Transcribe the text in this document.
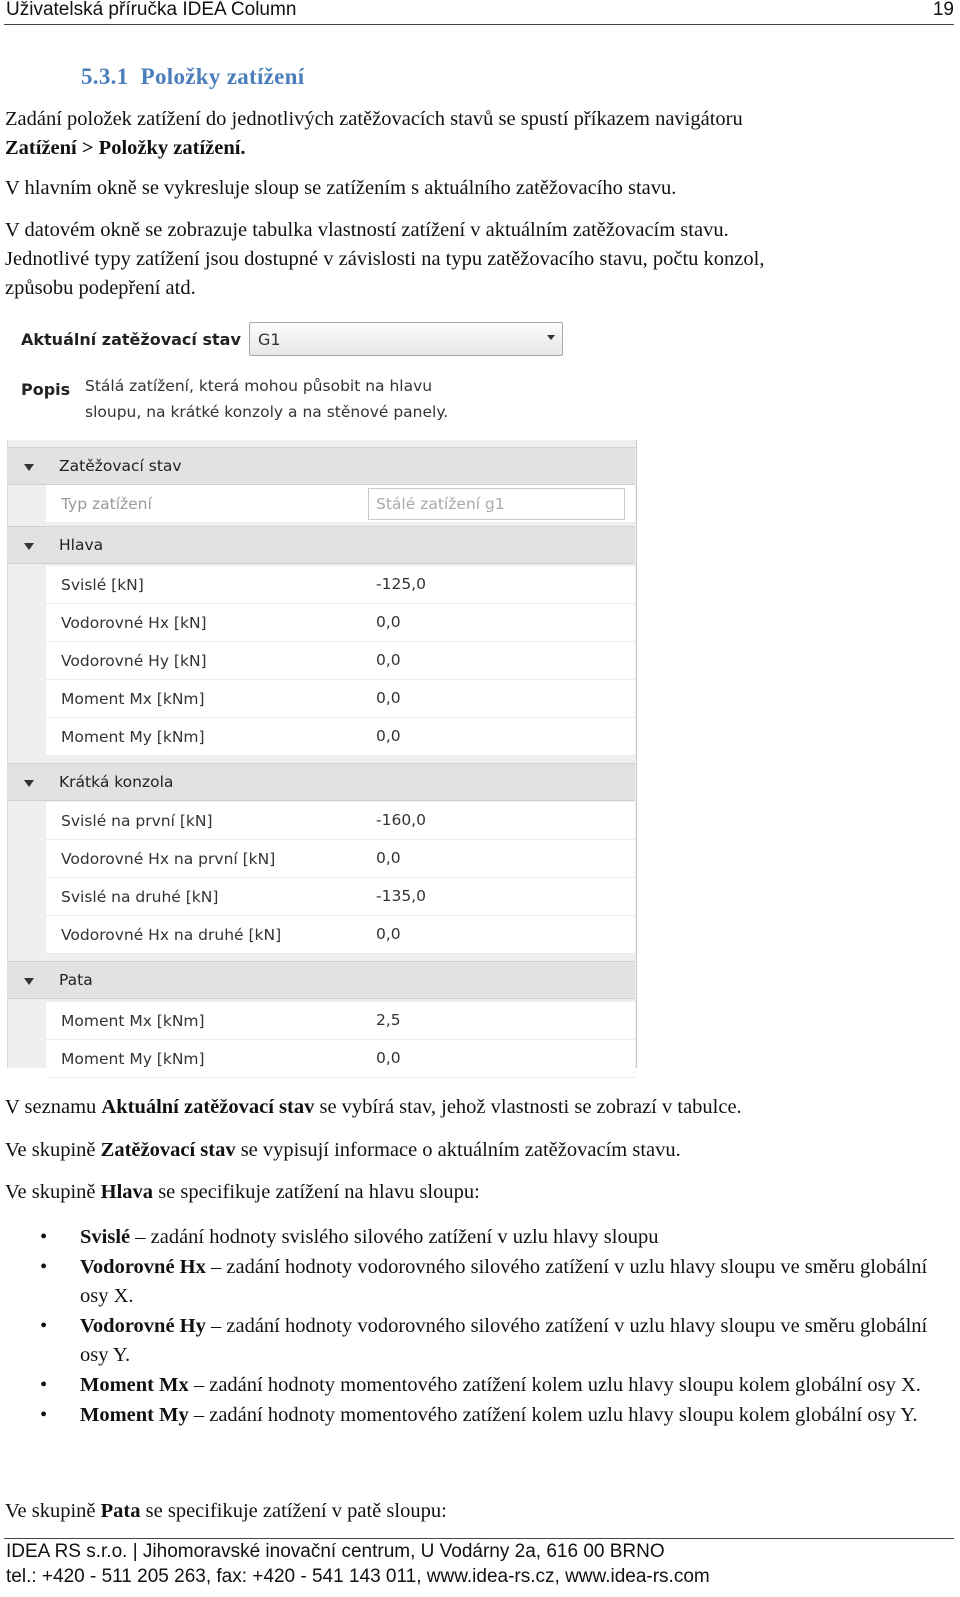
Uživatelská příručka IDEA Column	19
5.3.1 Položky zatížení
Zadání položek zatížení do jednotlivých zatěžovacích stavů se spustí příkazem navigátoru
Zatížení > Položky zatížení.
V hlavním okně se vykresluje sloup se zatížením s aktuálního zatěžovacího stavu.
V datovém okně se zobrazuje tabulka vlastností zatížení v aktuálním zatěžovacím stavu.
Jednotlivé typy zatížení jsou dostupné v závislosti na typu zatěžovacího stavu, počtu konzol,
způsobu podepření atd.
Aktuální zatěžovací stav G1
Popis Stálá zatížení, která mohou působit na hlavu
sloupu, na krátké konzoly a na stěnové panely.
Zatěžovací stav
Typ zatížení	Stálé zatížení g1
Hlava
Svislé [kN]	-125,0
Vodorovné Hx [kN]	0,0
Vodorovné Hy [kN]	0,0
Moment Mx [kNm]	0,0
Moment My [kNm]	0,0
Krátká konzola
Svislé na první [kN]	-160,0
Vodorovné Hx na první [kN]	0,0
Svislé na druhé [kN]	-135,0
Vodorovné Hx na druhé [kN]	0,0
Pata
Moment Mx [kNm]	2,5
Moment My [kNm]	0,0
V seznamu Aktuální zatěžovací stav se vybírá stav, jehož vlastnosti se zobrazí v tabulce.
Ve skupině Zatěžovací stav se vypisují informace o aktuálním zatěžovacím stavu.
Ve skupině Hlava se specifikuje zatížení na hlavu sloupu:
• Svislé – zadání hodnoty svislého silového zatížení v uzlu hlavy sloupu
• Vodorovné Hx – zadání hodnoty vodorovného silového zatížení v uzlu hlavy sloupu ve směru globální osy X.
• Vodorovné Hy – zadání hodnoty vodorovného silového zatížení v uzlu hlavy sloupu ve směru globální osy Y.
• Moment Mx – zadání hodnoty momentového zatížení kolem uzlu hlavy sloupu kolem globální osy X.
• Moment My – zadání hodnoty momentového zatížení kolem uzlu hlavy sloupu kolem globální osy Y.
Ve skupině Pata se specifikuje zatížení v patě sloupu:
IDEA RS s.r.o. | Jihomoravské inovační centrum, U Vodárny 2a, 616 00 BRNO
tel.: +420 - 511 205 263, fax: +420 - 541 143 011, www.idea-rs.cz, www.idea-rs.com
